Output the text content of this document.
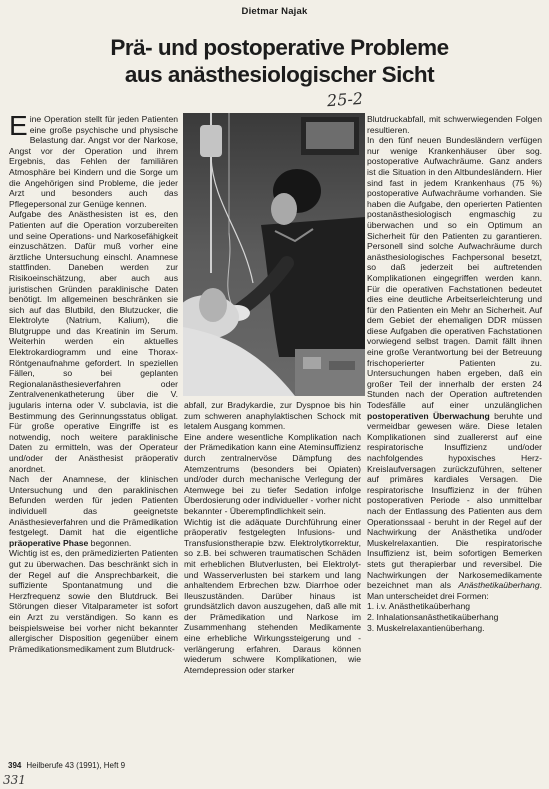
Dietmar Najak
Prä- und postoperative Probleme
aus anästhesiologischer Sicht
25-2

Eine Operation stellt für jeden Patienten eine große psychische und physische Belastung dar. Angst vor der Narkose, Angst vor der Operation und ihrem Ergebnis, das Fehlen der familiären Atmosphäre bei Kindern und die Sorge um die Angehörigen sind Probleme, die jeder Arzt und besonders auch das Pflegepersonal zur Genüge kennen.

Aufgabe des Anästhesisten ist es, den Patienten auf die Operation vorzubereiten und seine Operations- und Narkosefähigkeit einzuschätzen. Dafür muß vorher eine ärztliche Untersuchung einschl. Anamnese stattfinden. Daneben werden zur Risikoeinschätzung, aber auch aus juristischen Gründen paraklinische Daten benötigt. Im allgemeinen beschränken sie sich auf das Blutbild, den Blutzucker, die Elektrolyte (Natrium, Kalium), die Blutgruppe und das Kreatinin im Serum. Weiterhin werden ein aktuelles Elektrokardiogramm und eine Thorax-Röntgenaufnahme gefordert. In speziellen Fällen, so bei geplanten Regionalanästhesieverfahren oder Zentralvenenkatheterung über die V. jugularis interna oder V. subclavia, ist die Bestimmung des Gerinnungsstatus obligat. Für große operative Eingriffe ist es notwendig, noch weitere paraklinische Daten zu ermitteln, was der Operateur und/oder der Anästhesist präoperativ anordnet.

Nach der Anamnese, der klinischen Untersuchung und den paraklinischen Befunden werden für jeden Patienten individuell das geeignetste Anästhesieverfahren und die Prämedikation festgelegt. Damit hat die eigentliche präoperative Phase begonnen.

Wichtig ist es, den prämedizierten Patienten gut zu überwachen. Das beschränkt sich in der Regel auf die Ansprechbarkeit, die suffiziente Spontanatmung und die Herzfrequenz sowie den Blutdruck. Bei Störungen dieser Vitalparameter ist sofort ein Arzt zu verständigen. So kann es beispielsweise bei vorher nicht bekannter allergischer Disposition gegenüber einem Prämedikationsmedikament zum Blutdruck-

abfall, zur Bradykardie, zur Dyspnoe bis hin zum schweren anaphylaktischen Schock mit letalem Ausgang kommen.

Eine andere wesentliche Komplikation nach der Prämedikation kann eine Ateminsuffizienz durch zentralnervöse Dämpfung des Atemzentrums (besonders bei Opiaten) und/oder durch mechanische Verlegung der Atemwege bei zu tiefer Sedation infolge Überdosierung oder individueller - vorher nicht bekannter - Überempfindlichkeit sein.

Wichtig ist die adäquate Durchführung einer präoperativ festgelegten Infusions- und Transfusionstherapie bzw. Elektrolytkorrektur, so z.B. bei schweren traumatischen Schäden mit erheblichen Blutverlusten, bei Elektrolyt- und Wasserverlusten bei starkem und lang anhaltendem Erbrechen bzw. Diarrhoe oder Ileuszuständen. Darüber hinaus ist grundsätzlich davon auszugehen, daß alle mit der Prämedikation und Narkose im Zusammenhang stehenden Medikamente eine erhebliche Wirkungssteigerung und -verlängerung erfahren. Daraus können wiederum schwere Komplikationen, wie Atemdepression oder starker

Blutdruckabfall, mit schwerwiegenden Folgen resultieren.

In den fünf neuen Bundesländern verfügen nur wenige Krankenhäuser über sog. postoperative Aufwachräume. Ganz anders ist die Situation in den Altbundesländern. Hier sind fast in jedem Krankenhaus (75 %) postoperative Aufwachräume vorhanden. Sie haben die Aufgabe, den operierten Patienten postanästhesiologisch engmaschig zu überwachen und so ein Optimum an Sicherheit für den Patienten zu garantieren. Personell sind solche Aufwachräume durch anästhesiologisches Fachpersonal besetzt, so daß jederzeit bei auftretenden Komplikationen eingegriffen werden kann. Für die operativen Fachstationen bedeutet dies eine deutliche Arbeitserleichterung und für den Patienten ein Mehr an Sicherheit. Auf dem Gebiet der ehemaligen DDR müssen diese Aufgaben die operativen Fachstationen vorwiegend selbst tragen. Damit fällt ihnen eine große Verantwortung bei der Betreuung frischoperierter Patienten zu. Untersuchungen haben ergeben, daß ein großer Teil der innerhalb der ersten 24 Stunden nach der Operation auftretenden Todesfälle auf einer unzulänglichen postoperativen Überwachung beruhte und vermeidbar gewesen wäre. Diese letalen Komplikationen sind zuallererst auf eine respiratorische Insuffizienz und/oder nachfolgendes hypoxisches Herz-Kreislaufversagen zurückzuführen, seltener auf primäres kardiales Versagen. Die respiratorische Insuffizienz in der frühen postoperativen Periode - also unmittelbar nach der Entlassung des Patienten aus dem Operationssaal - beruht in der Regel auf der Nachwirkung der Anästhetika und/oder Muskelrelaxantien. Die respiratorische Insuffizienz ist, beim sofortigen Bemerken stets gut therapierbar und reversibel. Die Nachwirkungen der Narkosemedikamente bezeichnet man als Anästhetikaüberhang. Man unterscheidet drei Formen:

1. i.v. Anästhetikaüberhang
2. Inhalationsanästhetikaüberhang
3. Muskelrelaxantienüberhang.
394 Heilberufe 43 (1991), Heft 9
331
